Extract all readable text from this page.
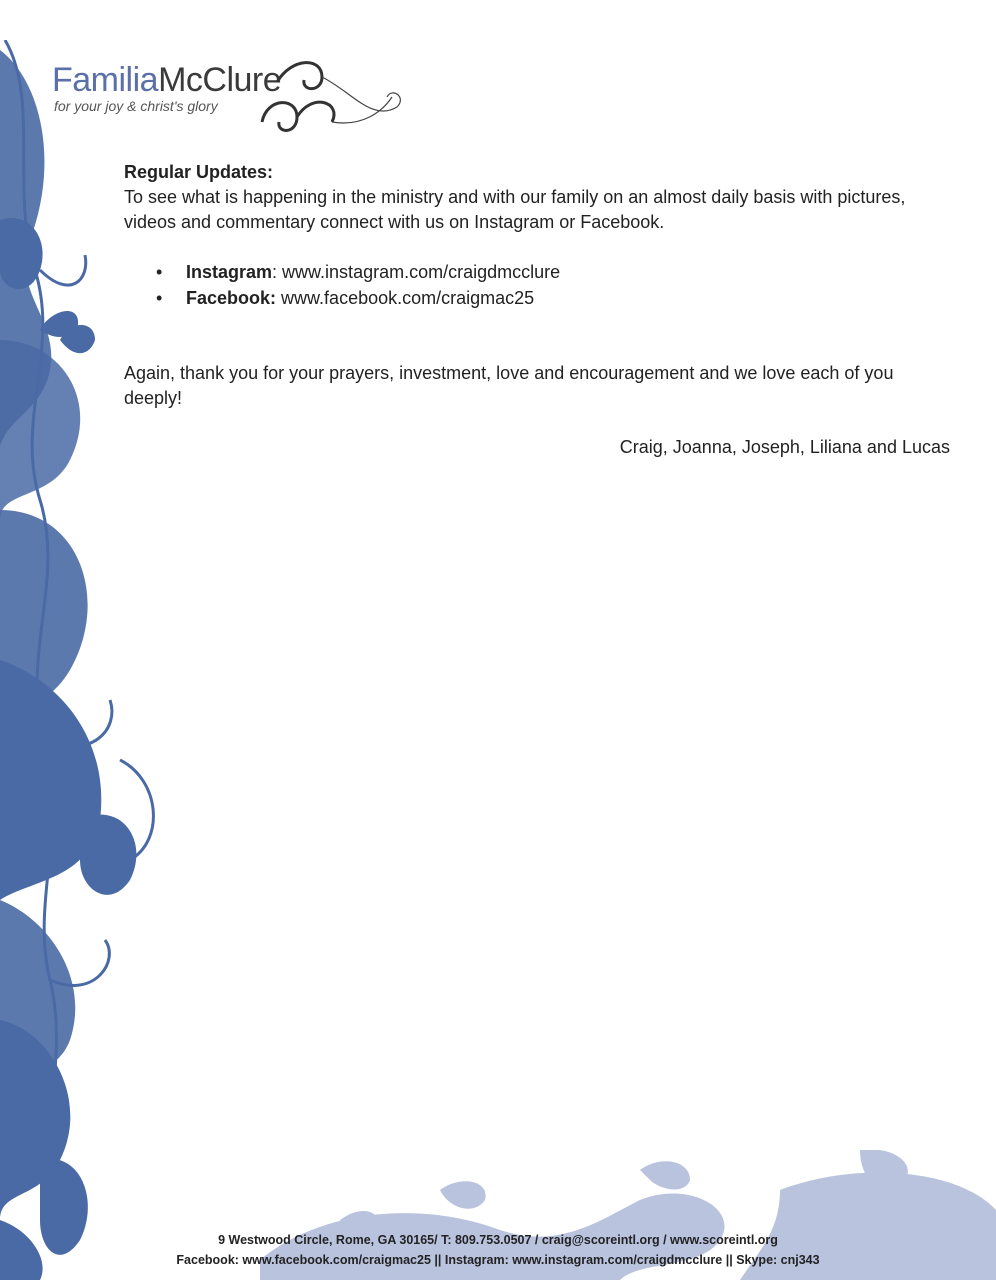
FamiliaMcClure
for your joy & christ's glory
Regular Updates:

To see what is happening in the ministry and with our family on an almost daily basis with pictures, videos and commentary connect with us on Instagram or Facebook.

• Instagram: www.instagram.com/craigdmcclure
• Facebook: www.facebook.com/craigmac25

Again, thank you for your prayers, investment, love and encouragement and we love each of you deeply!

Craig, Joanna, Joseph, Liliana and Lucas
9 Westwood Circle, Rome, GA 30165/ T: 809.753.0507 / craig@scoreintl.org / www.scoreintl.org
Facebook: www.facebook.com/craigmac25 || Instagram: www.instagram.com/craigdmcclure || Skype: cnj343
